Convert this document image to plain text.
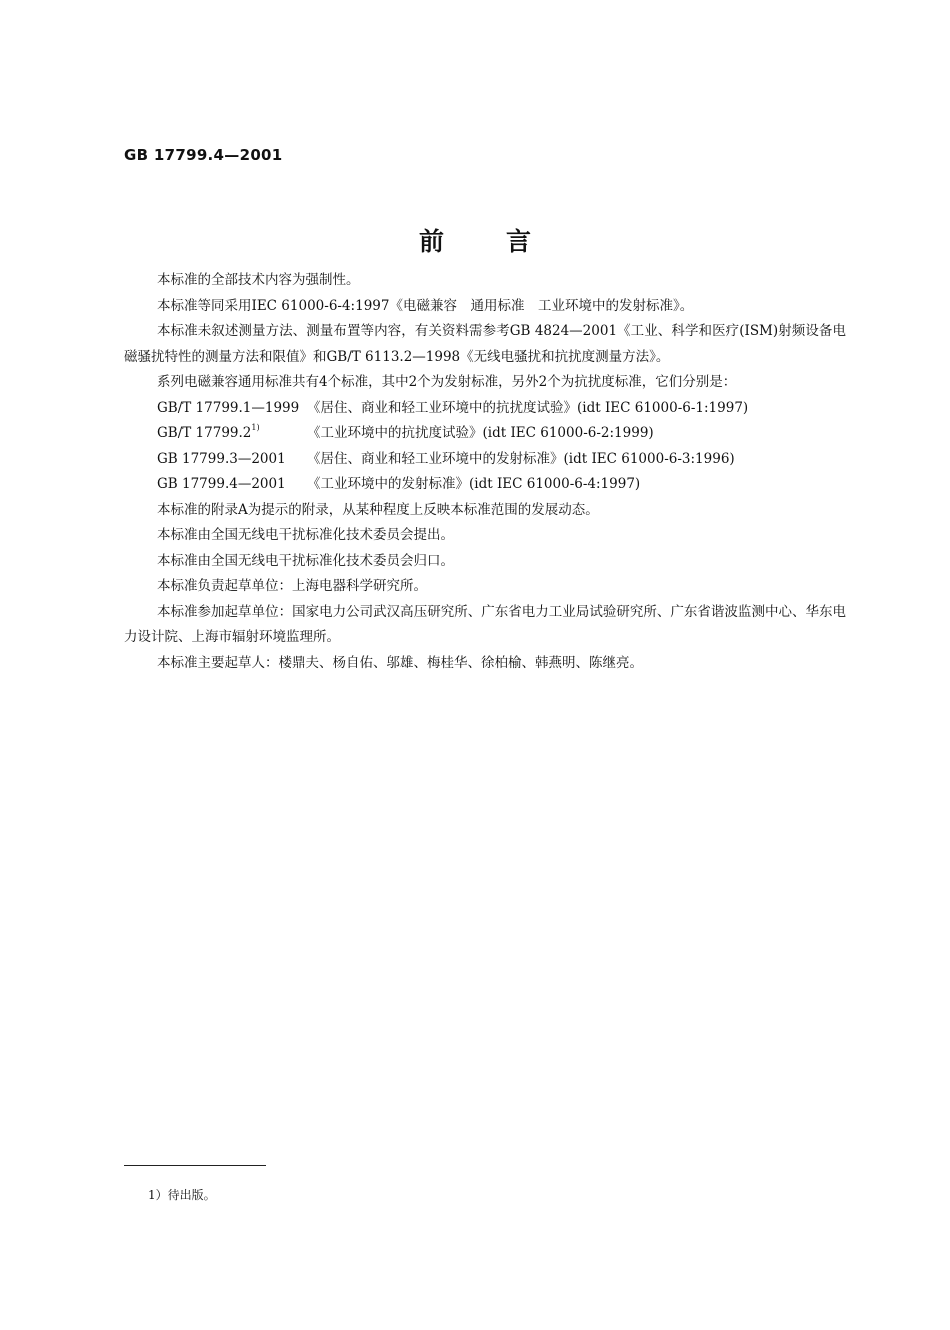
GB 17799.4—2001
前 言

本标准的全部技术内容为强制性。

本标准等同采用IEC 61000-6-4:1997《电磁兼容　通用标准　工业环境中的发射标准》。

本标准未叙述测量方法、测量布置等内容，有关资料需参考GB 4824—2001《工业、科学和医疗(ISM)射频设备电磁骚扰特性的测量方法和限值》和GB/T 6113.2—1998《无线电骚扰和抗扰度测量方法》。

系列电磁兼容通用标准共有4个标准，其中2个为发射标准，另外2个为抗扰度标准，它们分别是：

GB/T 17799.1—1999 《居住、商业和轻工业环境中的抗扰度试验》(idt IEC 61000-6-1:1997)

GB/T 17799.2$^{1)}$	《工业环境中的抗扰度试验》(idt IEC 61000-6-2:1999)

GB 17799.3—2001 《居住、商业和轻工业环境中的发射标准》(idt IEC 61000-6-3:1996)

GB 17799.4—2001 《工业环境中的发射标准》(idt IEC 61000-6-4:1997)

本标准的附录A为提示的附录，从某种程度上反映本标准范围的发展动态。

本标准由全国无线电干扰标准化技术委员会提出。

本标准由全国无线电干扰标准化技术委员会归口。

本标准负责起草单位：上海电器科学研究所。

本标准参加起草单位：国家电力公司武汉高压研究所、广东省电力工业局试验研究所、广东省谐波监测中心、华东电力设计院、上海市辐射环境监理所。

本标准主要起草人：楼鼎夫、杨自佑、邬雄、梅桂华、徐柏榆、韩燕明、陈继亮。

1）待出版。
